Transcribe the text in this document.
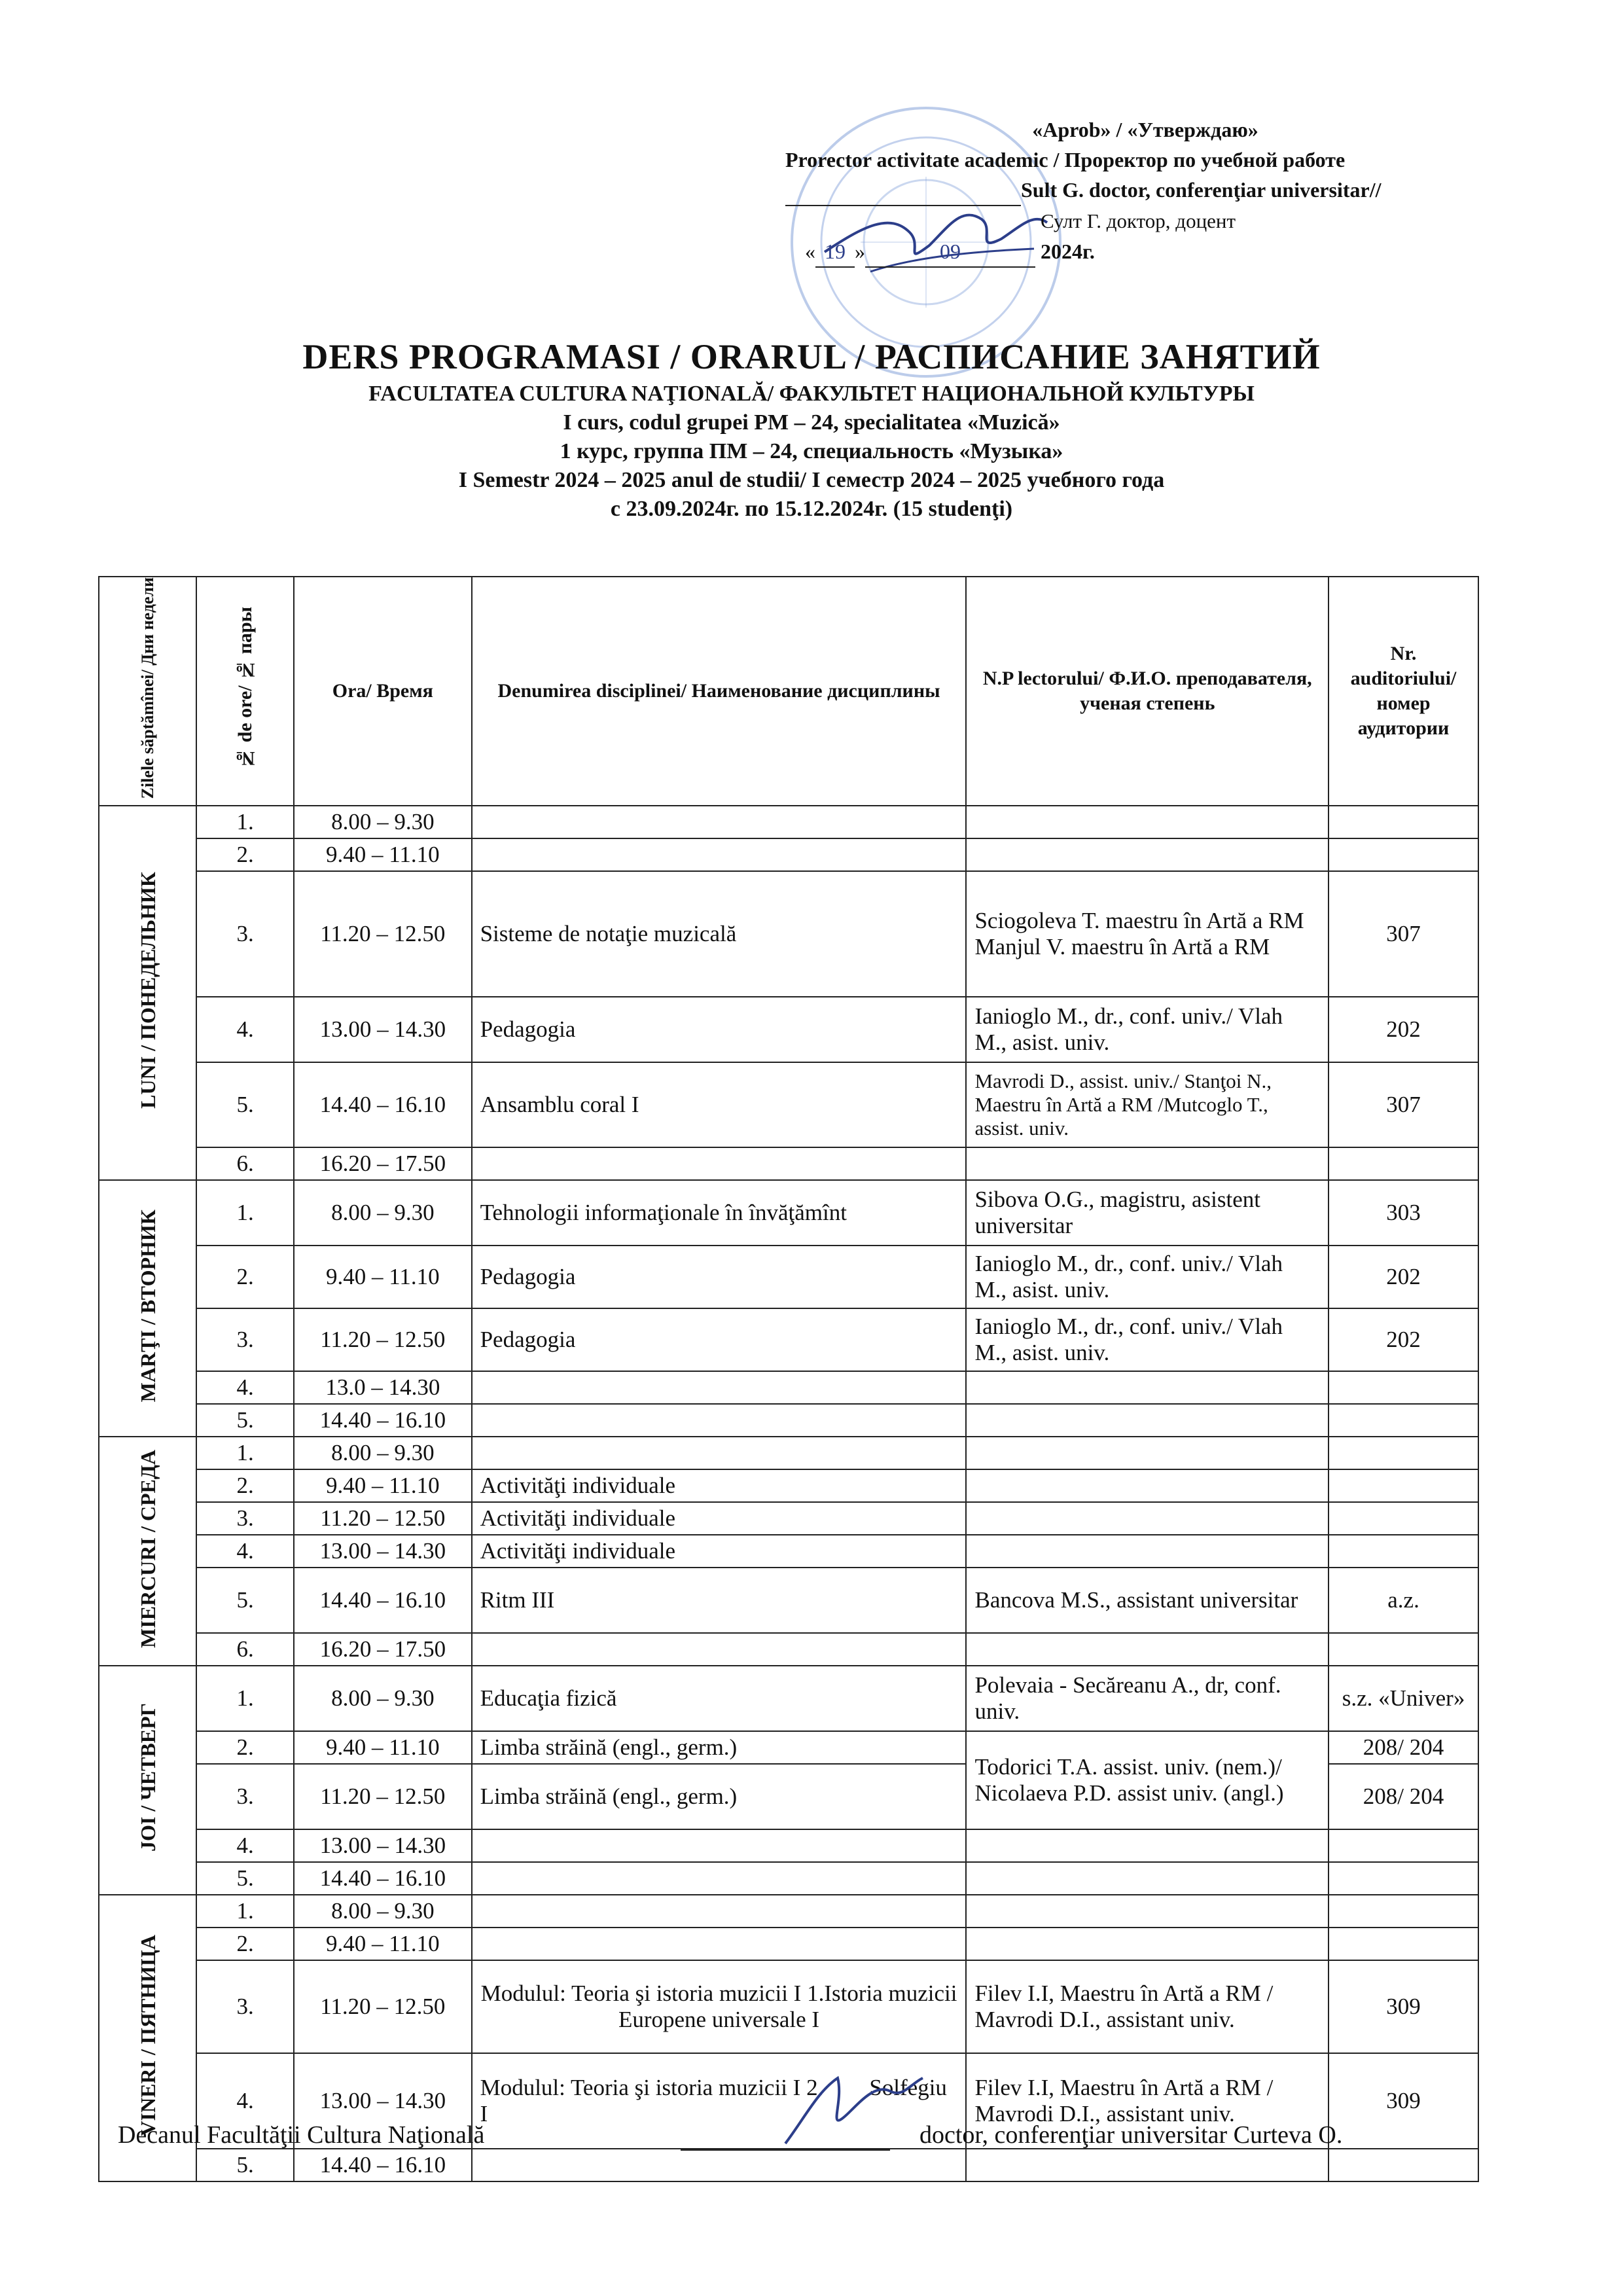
«Aprob» / «Утверждаю»
Prorector activitate academic / Проректор по учебной работе

Sult G. doctor, conferenţiar universitar//
Султ Г. доктор, доцент
« 19 »	09	2024г.
DERS PROGRAMASI / ORARUL / РАСПИСАНИЕ ЗАНЯТИЙ
FACULTATEA CULTURA NAŢIONALĂ/ ФАКУЛЬТЕТ НАЦИОНАЛЬНОЙ КУЛЬТУРЫ
I curs, codul grupei PM – 24, specialitatea «Muzică»
1 курс, группа ПМ – 24, специальность «Музыка»
I Semestr 2024 – 2025 anul de studii/ I семестр 2024 – 2025 учебного года
с 23.09.2024г. по 15.12.2024г. (15 studenţi)
Zilele săptămînei/ Дни недели	№ de ore/ № пары	Ora/ Время	Denumirea disciplinei/ Наименование дисциплины	N.P lectorului/ Ф.И.О. преподавателя, ученая степень	Nr. auditoriului/ номер аудитории
LUNI / ПОНЕДЕЛЬНИК	1.	8.00 – 9.30			
	2.	9.40 – 11.10			
	3.	11.20 – 12.50	Sisteme de notaţie muzicală	Sciogoleva T. maestru în Artă a RM Manjul V. maestru în Artă a RM	307
	4.	13.00 – 14.30	Pedagogia	Ianioglo M., dr., conf. univ./ Vlah M., asist. univ.	202
	5.	14.40 – 16.10	Ansamblu coral I	Mavrodi D., assist. univ./ Stanţoi N., Maestru în Artă a RM /Mutcoglo T., assist. univ.	307
	6.	16.20 – 17.50			
MARŢI / ВТОРНИК	1.	8.00 – 9.30	Tehnologii informaţionale în învăţămînt	Sibova O.G., magistru, asistent universitar	303
	2.	9.40 – 11.10	Pedagogia	Ianioglo M., dr., conf. univ./ Vlah M., asist. univ.	202
	3.	11.20 – 12.50	Pedagogia	Ianioglo M., dr., conf. univ./ Vlah M., asist. univ.	202
	4.	13.0 – 14.30			
	5.	14.40 – 16.10			
MIERCURI / СРЕДА	1.	8.00 – 9.30			
	2.	9.40 – 11.10	Activităţi individuale		
	3.	11.20 – 12.50	Activităţi individuale		
	4.	13.00 – 14.30	Activităţi individuale		
	5.	14.40 – 16.10	Ritm III	Bancova M.S., assistant universitar	a.z.
	6.	16.20 – 17.50			
JOI / ЧЕТВЕРГ	1.	8.00 – 9.30	Educaţia fizică	Polevaia - Secăreanu A., dr, conf. univ.	s.z. «Univer»
	2.	9.40 – 11.10	Limba străină (engl., germ.)	Todorici T.A. assist. univ. (nem.)/ Nicolaeva P.D. assist univ. (angl.)	208/ 204
	3.	11.20 – 12.50	Limba străină (engl., germ.)		208/ 204
	4.	13.00 – 14.30			
	5.	14.40 – 16.10			
VINERI / ПЯТНИЦА	1.	8.00 – 9.30			
	2.	9.40 – 11.10			
	3.	11.20 – 12.50	Modulul: Teoria şi istoria muzicii I 1.Istoria muzicii Europene universale I	Filev I.I, Maestru în Artă a RM / Mavrodi D.I., assistant univ.	309
	4.	13.00 – 14.30	Modulul: Teoria şi istoria muzicii I 2.        Solfegiu I	Filev I.I, Maestru în Artă a RM / Mavrodi D.I., assistant univ.	309
	5.	14.40 – 16.10			
Decanul Facultăţii Cultura Naţională	doctor, conferenţiar universitar Curteva O.
